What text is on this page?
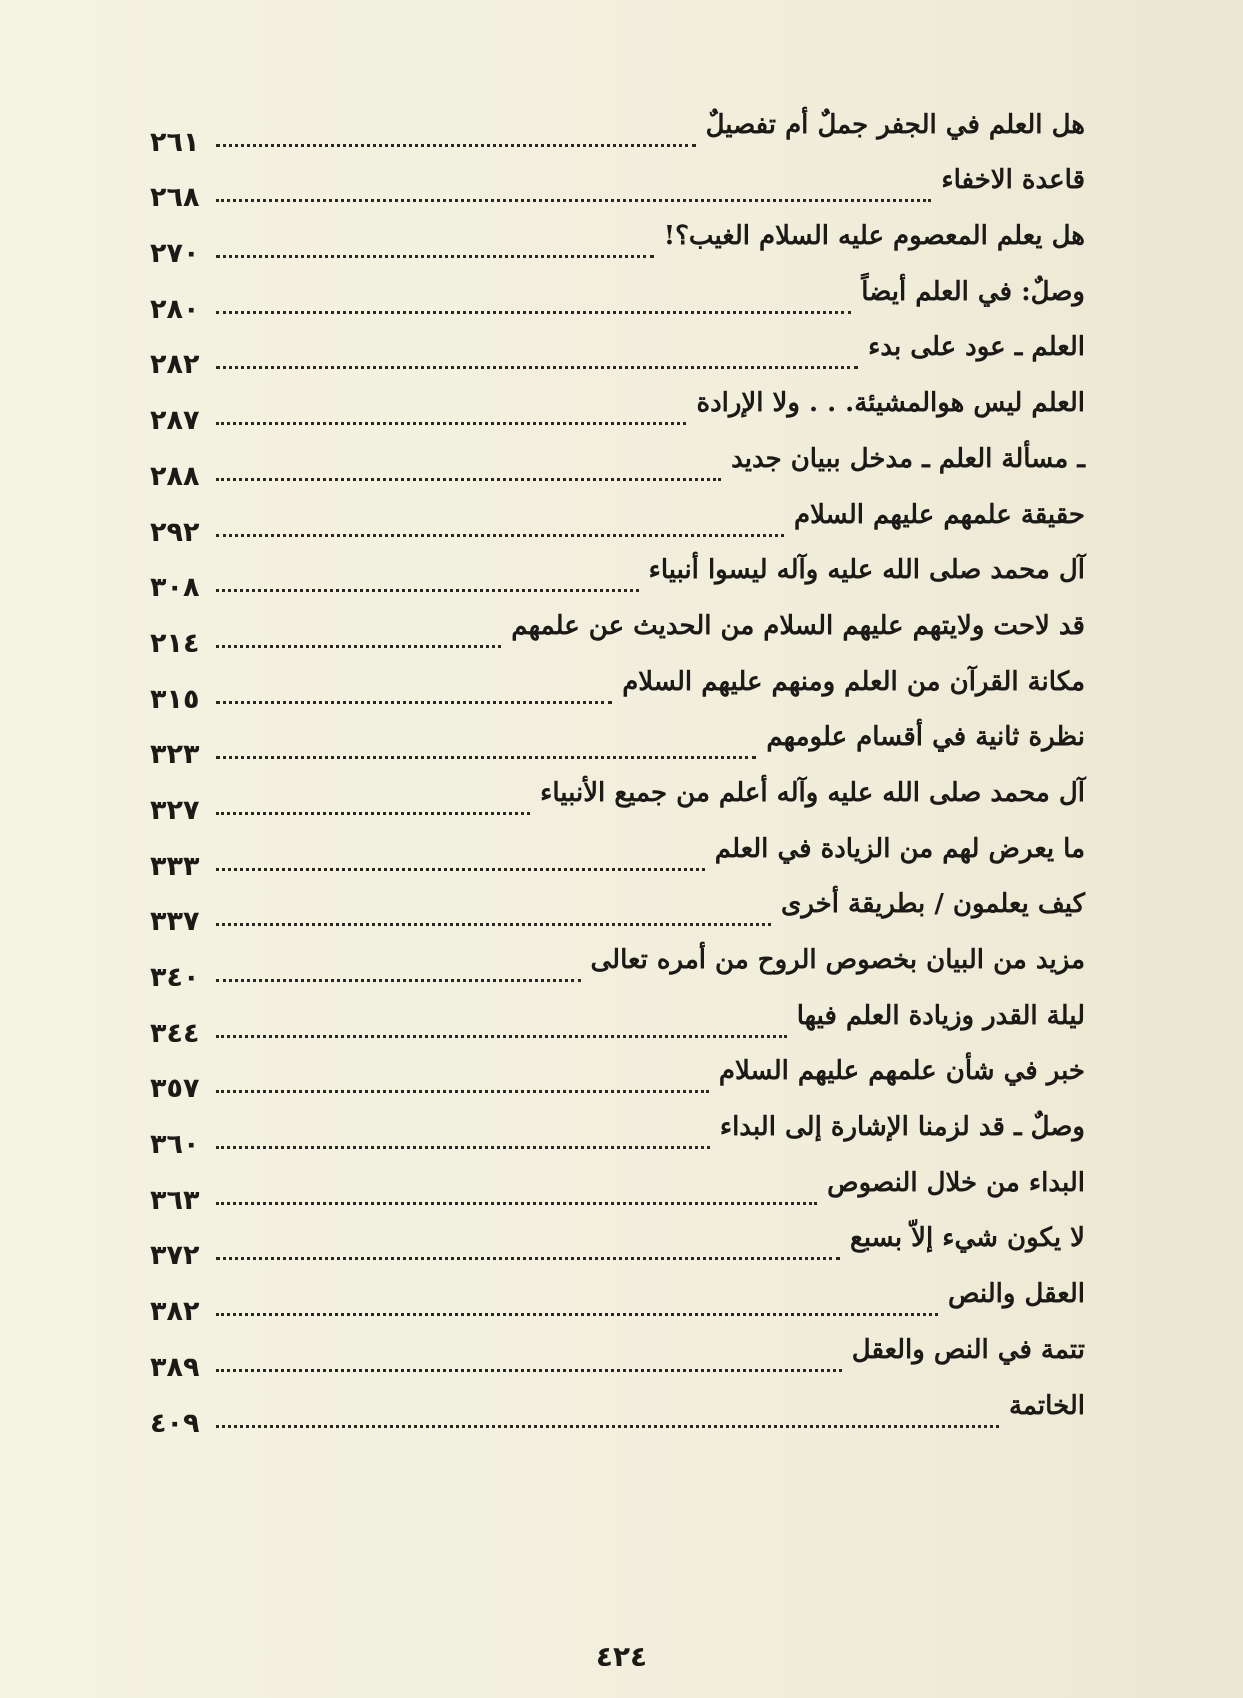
هل العلم في الجفر جملٌ أم تفصيلٌ
٢٦١
قاعدة الاخفاء
٢٦٨
هل يعلم المعصوم عليه السلام الغيب؟!
٢٧٠
وصلٌ: في العلم أيضاً
٢٨٠
العلم ـ عود على بدء
٢٨٢
العلم ليس هوالمشيئة. . . ولا الإرادة
٢٨٧
ـ مسألة العلم ـ مدخل ببيان جديد
٢٨٨
حقيقة علمهم عليهم السلام
٢٩٢
آل محمد صلى الله عليه وآله ليسوا أنبياء
٣٠٨
قد لاحت ولايتهم عليهم السلام من الحديث عن علمهم
٢١٤
مكانة القرآن من العلم ومنهم عليهم السلام
٣١٥
نظرة ثانية في أقسام علومهم
٣٢٣
آل محمد صلى الله عليه وآله أعلم من جميع الأنبياء
٣٢٧
ما يعرض لهم من الزيادة في العلم
٣٣٣
كيف يعلمون / بطريقة أخرى
٣٣٧
مزيد من البيان بخصوص الروح من أمره تعالى
٣٤٠
ليلة القدر وزيادة العلم فيها
٣٤٤
خبر في شأن علمهم عليهم السلام
٣٥٧
وصلٌ ـ قد لزمنا الإشارة إلى البداء
٣٦٠
البداء من خلال النصوص
٣٦٣
لا يكون شيء إلاّ بسبع
٣٧٢
العقل والنص
٣٨٢
تتمة في النص والعقل
٣٨٩
الخاتمة
٤٠٩
٤٢٤
